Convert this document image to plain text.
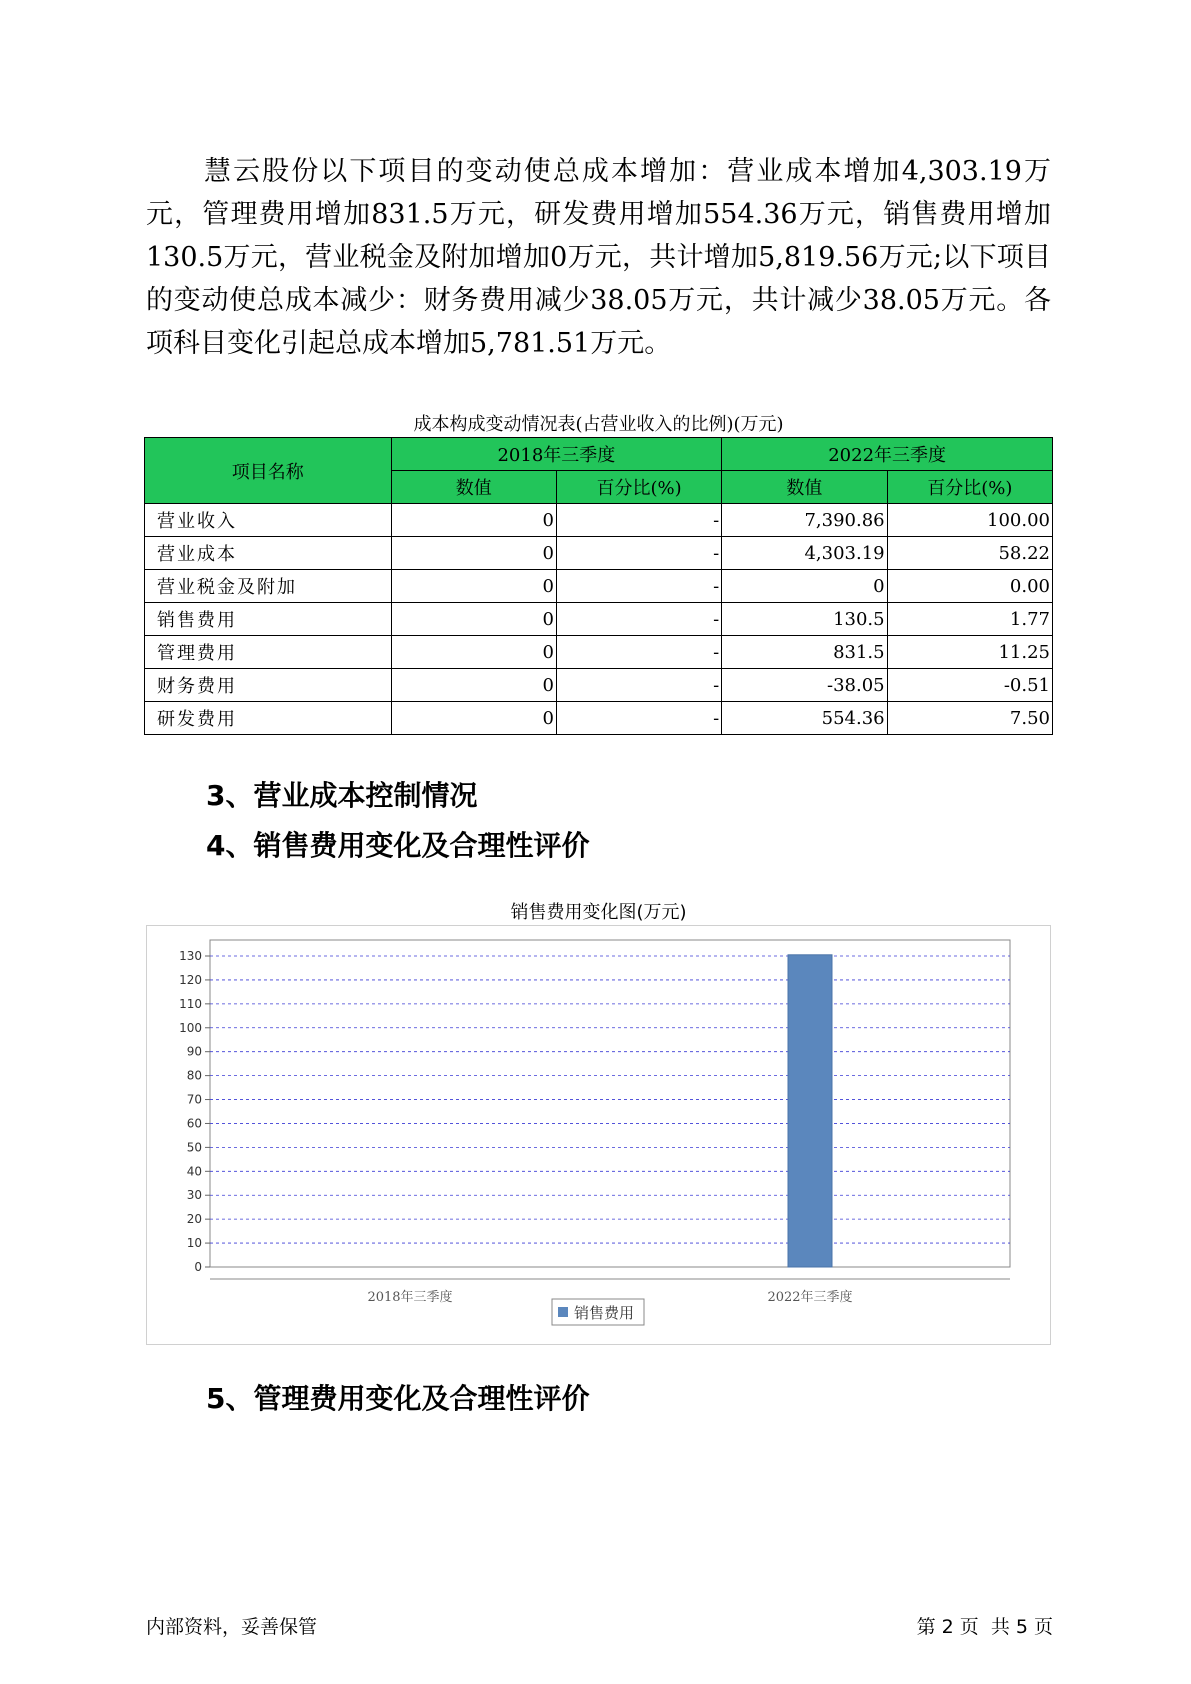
慧云股份以下项目的变动使总成本增加：营业成本增加4,303.19万元，管理费用增加831.5万元，研发费用增加554.36万元，销售费用增加130.5万元，营业税金及附加增加0万元，共计增加5,819.56万元;以下项目的变动使总成本减少：财务费用减少38.05万元，共计减少38.05万元。各项科目变化引起总成本增加5,781.51万元。

成本构成变动情况表(占营业收入的比例)(万元)
项目名称	2018年三季度		2022年三季度	
	数值	百分比(%)	数值	百分比(%)
营业收入	0	-	7,390.86	100.00
营业成本	0	-	4,303.19	58.22
营业税金及附加	0	-	0	0.00
销售费用	0	-	130.5	1.77
管理费用	0	-	831.5	11.25
财务费用	0	-	-38.05	-0.51
研发费用	0	-	554.36	7.50
3、营业成本控制情况
4、销售费用变化及合理性评价
销售费用变化图(万元)
0
10
20
30
40
50
60
70
80
90
100
110
120
130
2018年三季度	2022年三季度
销售费用
5、管理费用变化及合理性评价
内部资料，妥善保管	第 2 页  共 5 页
